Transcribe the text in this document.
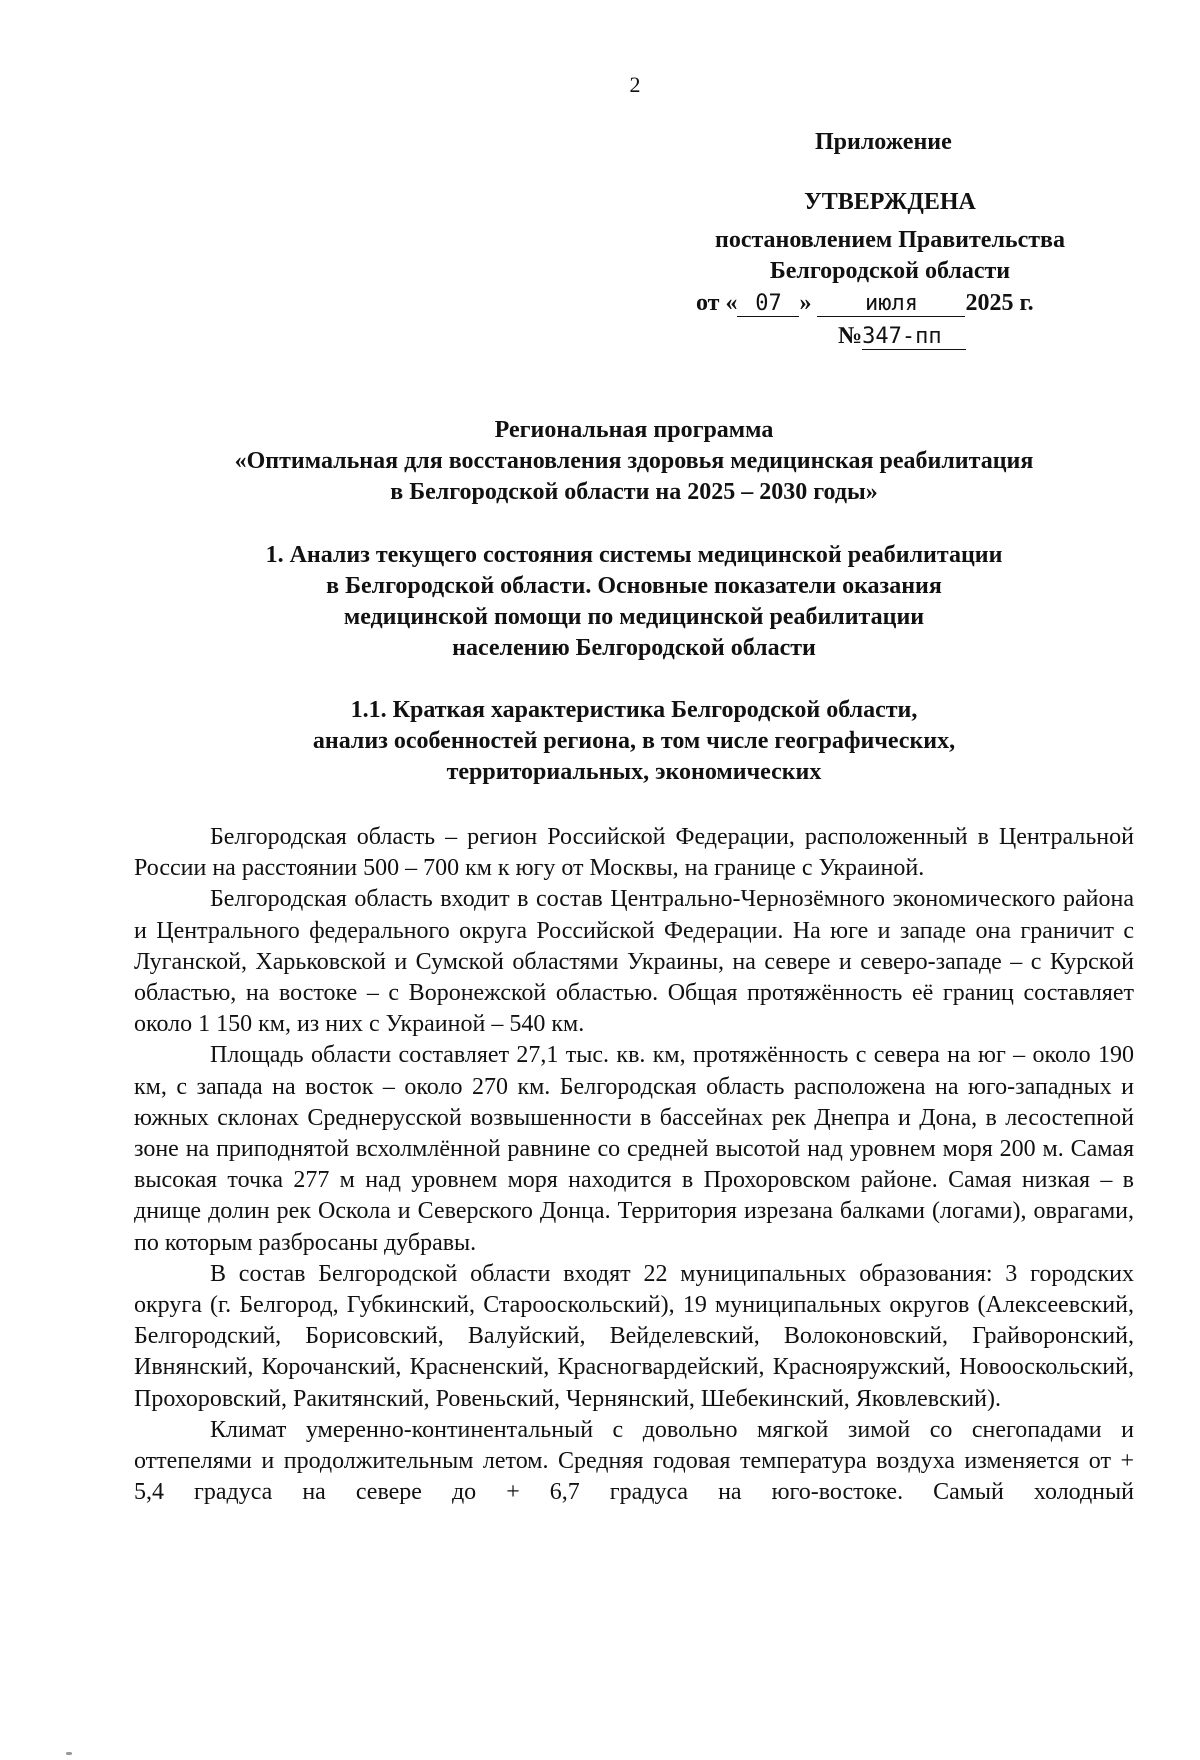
2
Приложение
УТВЕРЖДЕНА
постановлением Правительства
Белгородской области
от « 07 » июля 2025 г.
№347-пп
Региональная программа
«Оптимальная для восстановления здоровья медицинская реабилитация
в Белгородской области на 2025 – 2030 годы»
1. Анализ текущего состояния системы медицинской реабилитации
в Белгородской области. Основные показатели оказания
медицинской помощи по медицинской реабилитации
населению Белгородской области
1.1. Краткая характеристика Белгородской области,
анализ особенностей региона, в том числе географических,
территориальных, экономических

Белгородская область – регион Российской Федерации, расположенный в Центральной России на расстоянии 500 – 700 км к югу от Москвы, на границе с Украиной.

Белгородская область входит в состав Центрально-Чернозёмного экономического района и Центрального федерального округа Российской Федерации. На юге и западе она граничит с Луганской, Харьковской и Сумской областями Украины, на севере и северо-западе – с Курской областью, на востоке – с Воронежской областью. Общая протяжённость её границ составляет около 1 150 км, из них с Украиной – 540 км.

Площадь области составляет 27,1 тыс. кв. км, протяжённость с севера на юг – около 190 км, с запада на восток – около 270 км. Белгородская область расположена на юго-западных и южных склонах Среднерусской возвышенности в бассейнах рек Днепра и Дона, в лесостепной зоне на приподнятой всхолмлённой равнине со средней высотой над уровнем моря 200 м. Самая высокая точка 277 м над уровнем моря находится в Прохоровском районе. Самая низкая – в днище долин рек Оскола и Северского Донца. Территория изрезана балками (логами), оврагами, по которым разбросаны дубравы.

В состав Белгородской области входят 22 муниципальных образования: 3 городских округа (г. Белгород, Губкинский, Старооскольский), 19 муниципальных округов (Алексеевский, Белгородский, Борисовский, Валуйский, Вейделевский, Волоконовский, Грайворонский, Ивнянский, Корочанский, Красненский, Красногвардейский, Краснояружский, Новооскольский, Прохоровский, Ракитянский, Ровеньский, Чернянский, Шебекинский, Яковлевский).

Климат умеренно-континентальный с довольно мягкой зимой со снегопадами и оттепелями и продолжительным летом. Средняя годовая температура воздуха изменяется от + 5,4 градуса на севере до + 6,7 градуса на юго-востоке. Самый холодный
